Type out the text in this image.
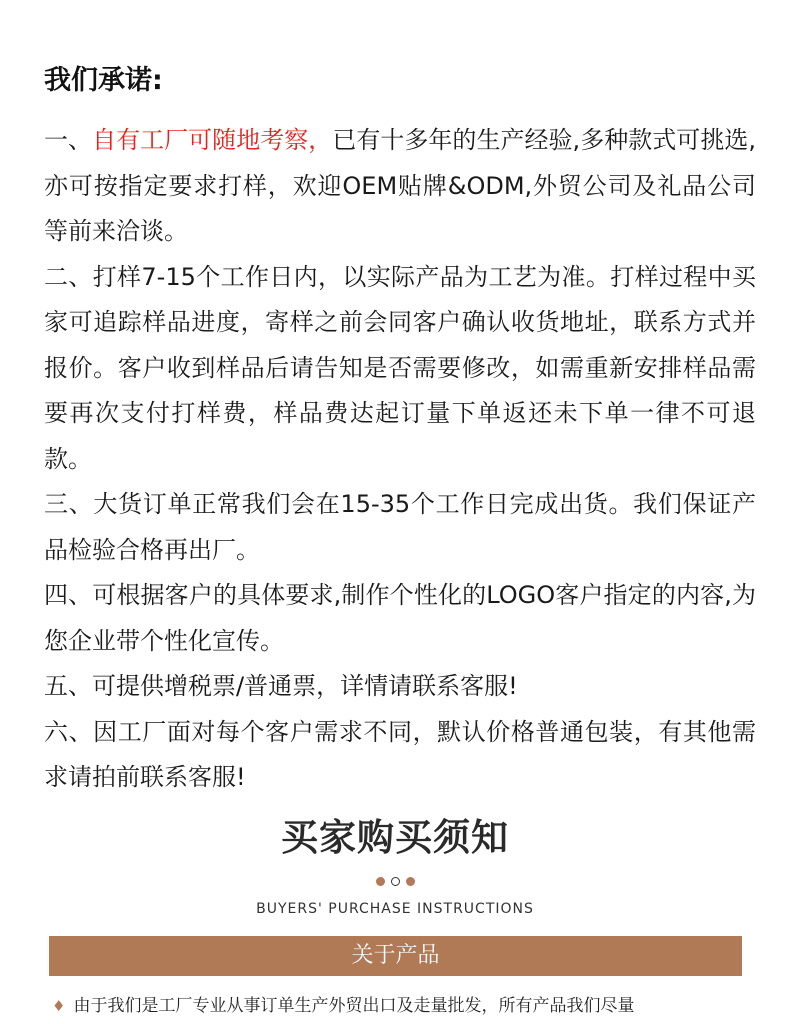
我们承诺:

一、自有工厂可随地考察，已有十多年的生产经验,多种款式可挑选,亦可按指定要求打样，欢迎OEM贴牌&ODM,外贸公司及礼品公司等前来洽谈。

二、打样7-15个工作日内，以实际产品为工艺为准。打样过程中买家可追踪样品进度，寄样之前会同客户确认收货地址，联系方式并报价。客户收到样品后请告知是否需要修改，如需重新安排样品需要再次支付打样费，样品费达起订量下单返还未下单一律不可退款。

三、大货订单正常我们会在15-35个工作日完成出货。我们保证产品检验合格再出厂。

四、可根据客户的具体要求,制作个性化的LOGO客户指定的内容,为您企业带个性化宣传。

五、可提供增税票/普通票，详情请联系客服!

六、因工厂面对每个客户需求不同，默认价格普通包装，有其他需求请拍前联系客服!

买家购买须知
BUYERS' PURCHASE INSTRUCTIONS
关于产品
♦ 由于我们是工厂专业从事订单生产外贸出口及走量批发，所有产品我们尽量
